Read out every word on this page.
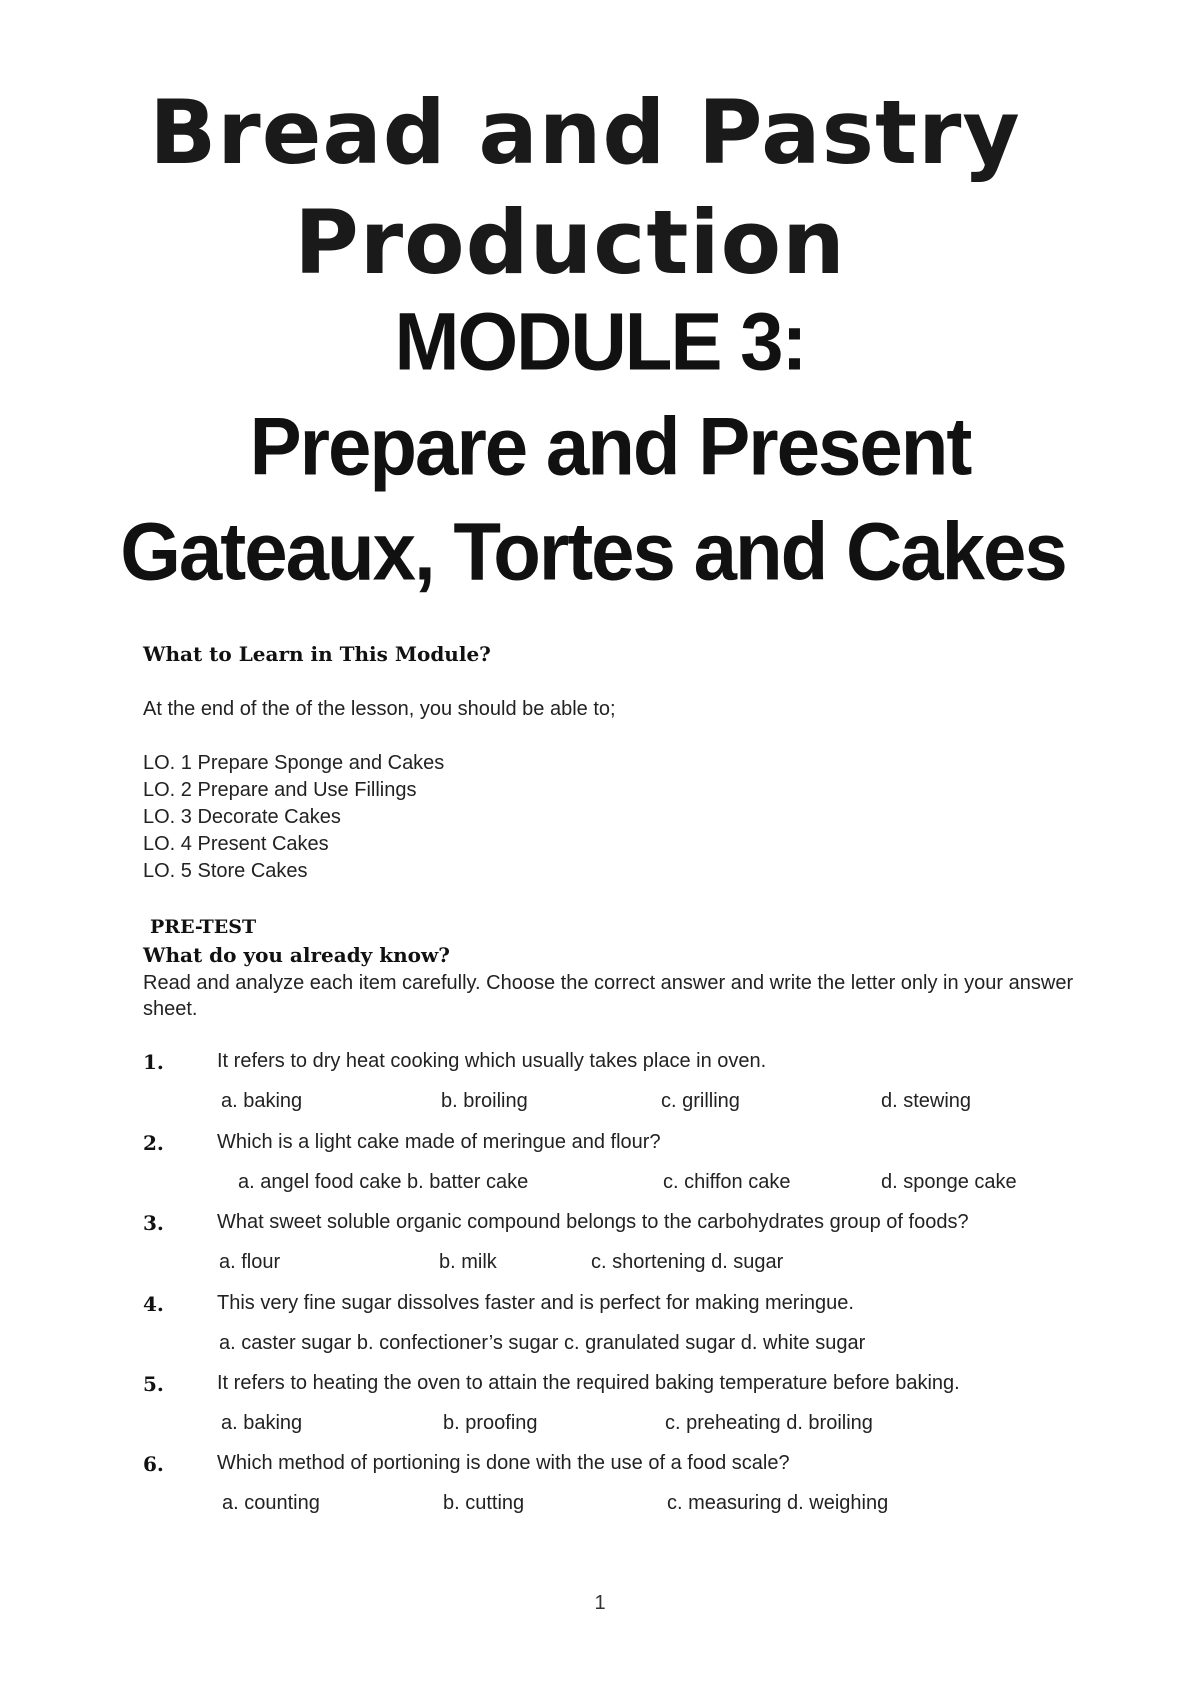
Bread and Pastry
Production
MODULE 3:
Prepare and Present
Gateaux, Tortes and Cakes
What to Learn in This Module?
At the end of the of the lesson, you should be able to;
LO. 1 Prepare Sponge and Cakes
LO. 2 Prepare and Use Fillings
LO. 3 Decorate Cakes
LO. 4 Present Cakes
LO. 5 Store Cakes
PRE-TEST
What do you already know?
Read and analyze each item carefully. Choose the correct answer and write the letter only in your answer sheet.
1.	It refers to dry heat cooking which usually takes place in oven.
a. baking	b. broiling	c. grilling	d. stewing
2.	Which is a light cake made of meringue and flour?
a. angel food cake b. batter cake	c. chiffon cake	d. sponge cake
3.	What sweet soluble organic compound belongs to the carbohydrates group of foods?
a. flour	b. milk	c. shortening d. sugar
4.	This very fine sugar dissolves faster and is perfect for making meringue.
a. caster sugar b. confectioner’s sugar c. granulated sugar d. white sugar
5.	It refers to heating the oven to attain the required baking temperature before baking.
a. baking	b. proofing	c. preheating d. broiling
6.	Which method of portioning is done with the use of a food scale?
a. counting	b. cutting	c. measuring d. weighing
1
